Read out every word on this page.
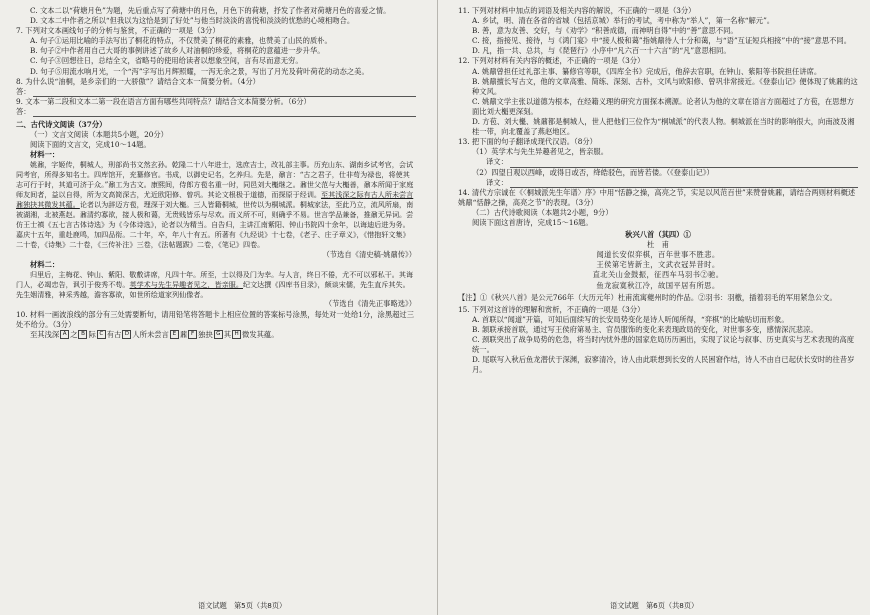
C. 文本二以“荷塘月色”为题，先后重点写了荷塘中的月色，月色下的荷塘，抒发了作者对荷塘月色的喜爱之情。

D. 文本二中作者之所以“但我以为这恰是到了好处”与他当时淡淡的喜悦和淡淡的忧愁的心境相吻合。

7. 下列对文本画线句子的分析与鉴赏，不正确的一项是（3分）

A. 句子①运用比喻的手法写出了桐花的特点，不仅赞美了桐花的素雅，也赞美了山民的质朴。

B. 句子②中作者用自己大哥的事例讲述了故乡人对油桐的珍爱，将桐花的意蕴进一步升华。

C. 句子③回想往日，总结全文，省略号的使用给读者以想象空间，言有尽而意无穷。

D. 句子⑤用流水响月光，一个“泻”字写出月辉照耀，一泻无余之景，写出了月光及荷叶荷花的动态之美。

8. 为什么说“油桐，是乡亲们的一大骄傲”？请结合文本一简要分析。（4分）

答：

9. 文本一第二段和文本二第一段在语言方面有哪些共同特点？请结合文本简要分析。（6分）

答：

二、古代诗文阅读（37分）

（一）文言文阅读（本题共5小题，20分）

阅读下面的文言文，完成10～14题。

材料一：

姚鼐，字姬传，桐城人，刑部尚书文然玄孙。乾隆二十八年进士，选庶吉士，改礼部主事。历充山东、湖南乡试考官，会试同考官，所得多知名士。四库馆开，充纂修官。书成，以御史记名，乞养归。先是，鼐言：“古之君子，仕非苟为禄也，将使其志可行于时，其道可济于众。”鼐工为古文。康熙间，侍郎方苞名重一时，同邑刘大櫆继之。鼐世父范与大櫆善，鼐本所闻于家庭师友间者，益以自得，所为文高简深古，尤近欧阳修、曾巩。其论文根极于道德，而探原于经训。至其浅深之际有古人所未尝言鼐独抉其微发其蕴。论者以为辞迈方苞，理深于刘大櫆。三人皆籍桐城，世传以为桐城派。桐城家法，至此乃立，流风所扇，南被湖湘，北被燕赵。鼐清约寡欲，接人极和蔼，无贵贱皆乐与尽欢。而义所不可，则确乎不易。世言学品兼备，推鼐无异词。尝仿王士禛《五七言古体诗选》为《今体诗选》，论者以为精当。自告归，主讲江南紫阳、钟山书院四十余年，以诲迪后进为务。嘉庆十五年，重赴鹿鸣，加四品衔。二十年，卒，年八十有五。所著有《九经说》十七卷，《老子、庄子章义》，《惜抱轩文集》二十卷，《诗集》二十卷，《三传补注》三卷，《法帖题跋》二卷，《笔记》四卷。

（节选自《清史稿·姚鼐传》）

材料二：

归里后，主梅花、钟山、紫阳、敬敷讲席，凡四十年。所至，士以得及门为幸。与人言，终日不倦，尤不可以邪私干。其诲门人，必竭忠告，讽引于俊秀不苟。英学术与先生异趣者见之，皆亲服。纪文达撰《四库书目录》，颇谈宋儒，先生直斥其失。先生姻清雅，神采秀越，澹容寡欲，如世所绘道家列仙像者。

（节选自《清先正事略选》）

10. 材料一画波浪线的部分有三处需要断句，请用铅笔将答题卡上相应位置的答案标号涂黑，每处对一处给1分，涂黑超过三处不给分。（3分）

至其浅深 A 之 B 际 C 有古 D 人所未尝言 E 鼐 F 独抉 G 其 H 微发其蕴。

11. 下列对材料中加点的词语及相关内容的解说，不正确的一项是（3分）

A. 乡试，明、清在各省的省城（包括京城）举行的考试，考中称为“举人”，第一名称“解元”。

B. 善，意为友善、交好，与《劝学》“积善成德，而神明自得”中的“善”意思不同。

C. 接，指接见、接待，与《鸿门宴》中“接人极和蔼”指姚鼐待人十分和蔼，与“语”互证短兵相接”中的“接”意思不同。

D. 凡，指一共、总共，与《琵琶行》小序中“凡六百一十六言”的“凡”意思相同。

12. 下列对材料有关内容的概述，不正确的一项是（3分）

A. 姚鼐曾担任过礼部主事、纂修官等职，《四库全书》完成后，他辞去官职，在钟山、紫阳等书院担任讲席。

B. 姚鼐擅长写古文，他的文章高雅、简练、深刻、古朴，文风与欧阳修、曾巩非常接近。《登泰山记》便体现了姚鼐的这种文风。

C. 姚鼐文学主张以道德为根本，在经籍义理的研究方面探本溯源。论者认为他的文章在语言方面超过了方苞，在思想方面比刘大櫆更深刻。

D. 方苞、刘大櫆、姚鼐都是桐城人，世人把他们三位作为“桐城派”的代表人物。桐城派在当时的影响很大，向南波及湘桂一带，向北覆盖了燕赵地区。

13. 把下面的句子翻译成现代汉语。（8分）

（1）英学术与先生异趣者见之，皆亲服。

译文：

（2）四望日观以西峰，或得日或否，绛皓驳色，而皆若偻。（《登泰山记》）

译文：

14. 清代方宗诚在《〈桐城派先生年谱〉序》中用“恬静之操，高亮之节，实足以风范百世”来赞誉姚鼐，请结合两则材料概述姚鼐“恬静之操，高亮之节”的表现。（3分）

（二）古代诗歌阅读（本题共2小题，9分）

阅读下面这首唐诗，完成15～16题。

秋兴八首（其四）①

杜　甫

闻道长安似弈棋，百年世事不胜悲。

王侯第宅皆新主，文武衣冠异昔时。

直北关山金鼓振，征西车马羽书②驰。

鱼龙寂寞秋江冷，故国平居有所思。

【注】①《秋兴八首》是公元766年（大历元年）杜甫流寓夔州时的作品。②羽书：羽檄，插着羽毛的军用紧急公文。

15. 下列对这首诗的理解和赏析，不正确的一项是（3分）

A. 首联以“闻道”开篇，可知后面续写的长安局势变化是诗人听闻所得，“弈棋”的比喻贴切而形象。

B. 颔联承接首联，通过写王侯府第易主、官员服饰的变化来表现政局的变化，对世事多变，感情深沉悲凉。

C. 颈联突出了战争局势的危急，将当时内忧外患的国家危局历历画出，实现了议论与叙事、历史真实与艺术表现的高度统一。

D. 尾联写入秋后鱼龙潜伏于深渊，寂寥清冷，诗人由此联想到长安的人民困窘作结，诗人不由自已起伏长安时的往昔岁月。

语文试题　第5页（共8页）	语文试题　第6页（共8页）
